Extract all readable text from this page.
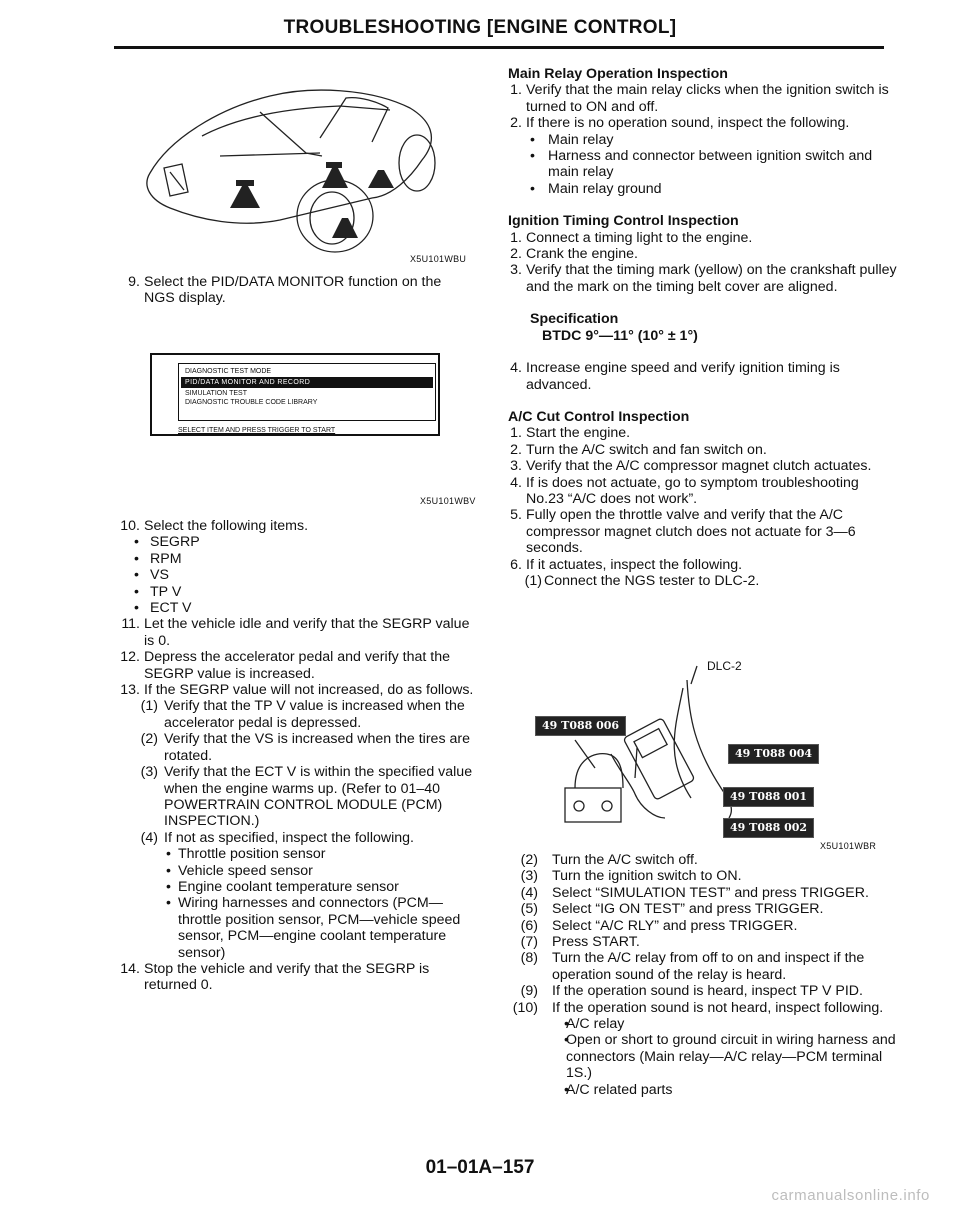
TROUBLESHOOTING [ENGINE CONTROL]
X5U101WBU
9. Select the PID/DATA MONITOR function on the NGS display.
DIAGNOSTIC TEST MODE
PID/DATA MONITOR AND RECORD
SIMULATION TEST
DIAGNOSTIC TROUBLE CODE LIBRARY
SELECT ITEM AND PRESS TRIGGER TO START
X5U101WBV
10. Select the following items.
• SEGRP
• RPM
• VS
• TP V
• ECT V
11. Let the vehicle idle and verify that the SEGRP value is 0.
12. Depress the accelerator pedal and verify that the SEGRP value is increased.
13. If the SEGRP value will not increased, do as follows.
(1) Verify that the TP V value is increased when the accelerator pedal is depressed.
(2) Verify that the VS is increased when the tires are rotated.
(3) Verify that the ECT V is within the specified value when the engine warms up. (Refer to 01–40 POWERTRAIN CONTROL MODULE (PCM) INSPECTION.)
(4) If not as specified, inspect the following.
• Throttle position sensor
• Vehicle speed sensor
• Engine coolant temperature sensor
• Wiring harnesses and connectors (PCM—throttle position sensor, PCM—vehicle speed sensor, PCM—engine coolant temperature sensor)
14. Stop the vehicle and verify that the SEGRP is returned 0.

Main Relay Operation Inspection

1. Verify that the main relay clicks when the ignition switch is turned to ON and off.
2. If there is no operation sound, inspect the following.
• Main relay
• Harness and connector between ignition switch and main relay
• Main relay ground

Ignition Timing Control Inspection

1. Connect a timing light to the engine.
2. Crank the engine.
3. Verify that the timing mark (yellow) on the crankshaft pulley and the mark on the timing belt cover are aligned.

Specification

BTDC 9°—11° (10° ± 1°)

4. Increase engine speed and verify ignition timing is advanced.

A/C Cut Control Inspection

1. Start the engine.
2. Turn the A/C switch and fan switch on.
3. Verify that the A/C compressor magnet clutch actuates.
4. If is does not actuate, go to symptom troubleshooting No.23 “A/C does not work”.
5. Fully open the throttle valve and verify that the A/C compressor magnet clutch does not actuate for 3—6 seconds.
6. If it actuates, inspect the following.
(1) Connect the NGS tester to DLC-2.
DLC-2
49 T088 006
49 T088 004
49 T088 001
49 T088 002
X5U101WBR
(2) Turn the A/C switch off.
(3) Turn the ignition switch to ON.
(4) Select “SIMULATION TEST” and press TRIGGER.
(5) Select “IG ON TEST” and press TRIGGER.
(6) Select “A/C RLY” and press TRIGGER.
(7) Press START.
(8) Turn the A/C relay from off to on and inspect if the operation sound of the relay is heard.
(9) If the operation sound is heard, inspect TP V PID.
(10) If the operation sound is not heard, inspect following.
• A/C relay
• Open or short to ground circuit in wiring harness and connectors (Main relay—A/C relay—PCM terminal 1S.)
• A/C related parts
01–01A–157
carmanualsonline.info
